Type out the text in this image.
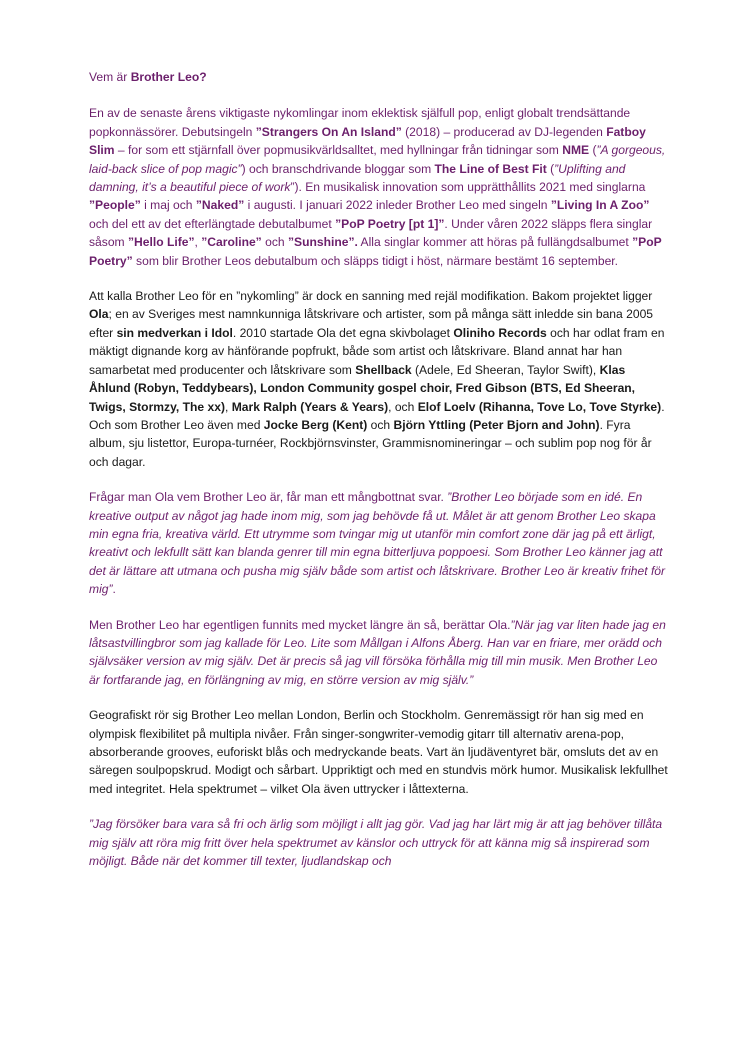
Vem är Brother Leo?

En av de senaste årens viktigaste nykomlingar inom eklektisk själfull pop, enligt globalt trendsättande popkonnässörer. Debutsingeln ”Strangers On An Island” (2018) – producerad av DJ-legenden Fatboy Slim – for som ett stjärnfall över popmusikvärldsalltet, med hyllningar från tidningar som NME (”A gorgeous, laid-back slice of pop magic”) och branschdrivande bloggar som The Line of Best Fit (”Uplifting and damning, it’s a beautiful piece of work”). En musikalisk innovation som upprätthållits 2021 med singlarna ”People” i maj och ”Naked” i augusti. I januari 2022 inleder Brother Leo med singeln ”Living In A Zoo” och del ett av det efterlängtade debutalbumet ”PoP Poetry [pt 1]”. Under våren 2022 släpps flera singlar såsom ”Hello Life”, ”Caroline” och ”Sunshine”. Alla singlar kommer att höras på fullängdsalbumet ”PoP Poetry” som blir Brother Leos debutalbum och släpps tidigt i höst, närmare bestämt 16 september.

Att kalla Brother Leo för en ”nykomling” är dock en sanning med rejäl modifikation. Bakom projektet ligger Ola; en av Sveriges mest namnkunniga låtskrivare och artister, som på många sätt inledde sin bana 2005 efter sin medverkan i Idol. 2010 startade Ola det egna skivbolaget Oliniho Records och har odlat fram en mäktigt dignande korg av hänförande popfrukt, både som artist och låtskrivare. Bland annat har han samarbetat med producenter och låtskrivare som Shellback (Adele, Ed Sheeran, Taylor Swift), Klas Åhlund (Robyn, Teddybears), London Community gospel choir, Fred Gibson (BTS, Ed Sheeran, Twigs, Stormzy, The xx), Mark Ralph (Years & Years), och Elof Loelv (Rihanna, Tove Lo, Tove Styrke). Och som Brother Leo även med Jocke Berg (Kent) och Björn Yttling (Peter Bjorn and John). Fyra album, sju listettor, Europa-turnéer, Rockbjörnsvinster, Grammisnomineringar – och sublim pop nog för år och dagar.

Frågar man Ola vem Brother Leo är, får man ett mångbottnat svar. ”Brother Leo började som en idé. En kreative output av något jag hade inom mig, som jag behövde få ut. Målet är att genom Brother Leo skapa min egna fria, kreativa värld. Ett utrymme som tvingar mig ut utanför min comfort zone där jag på ett ärligt, kreativt och lekfullt sätt kan blanda genrer till min egna bitterljuva poppoesi. Som Brother Leo känner jag att det är lättare att utmana och pusha mig själv både som artist och låtskrivare. Brother Leo är kreativ frihet för mig”.

Men Brother Leo har egentligen funnits med mycket längre än så, berättar Ola.”När jag var liten hade jag en låtsastvillingbror som jag kallade för Leo. Lite som Mållgan i Alfons Åberg. Han var en friare, mer orädd och självsäker version av mig själv. Det är precis så jag vill försöka förhålla mig till min musik. Men Brother Leo är fortfarande jag, en förlängning av mig, en större version av mig själv.”

Geografiskt rör sig Brother Leo mellan London, Berlin och Stockholm. Genremässigt rör han sig med en olympisk flexibilitet på multipla nivåer. Från singer-songwriter-vemodig gitarr till alternativ arena-pop, absorberande grooves, euforiskt blås och medryckande beats. Vart än ljudäventyret bär, omsluts det av en säregen soulpopskrud. Modigt och sårbart. Uppriktigt och med en stundvis mörk humor. Musikalisk lekfullhet med integritet. Hela spektrumet – vilket Ola även uttrycker i låttexterna.

”Jag försöker bara vara så fri och ärlig som möjligt i allt jag gör. Vad jag har lärt mig är att jag behöver tillåta mig själv att röra mig fritt över hela spektrumet av känslor och uttryck för att känna mig så inspirerad som möjligt. Både när det kommer till texter, ljudlandskap och
